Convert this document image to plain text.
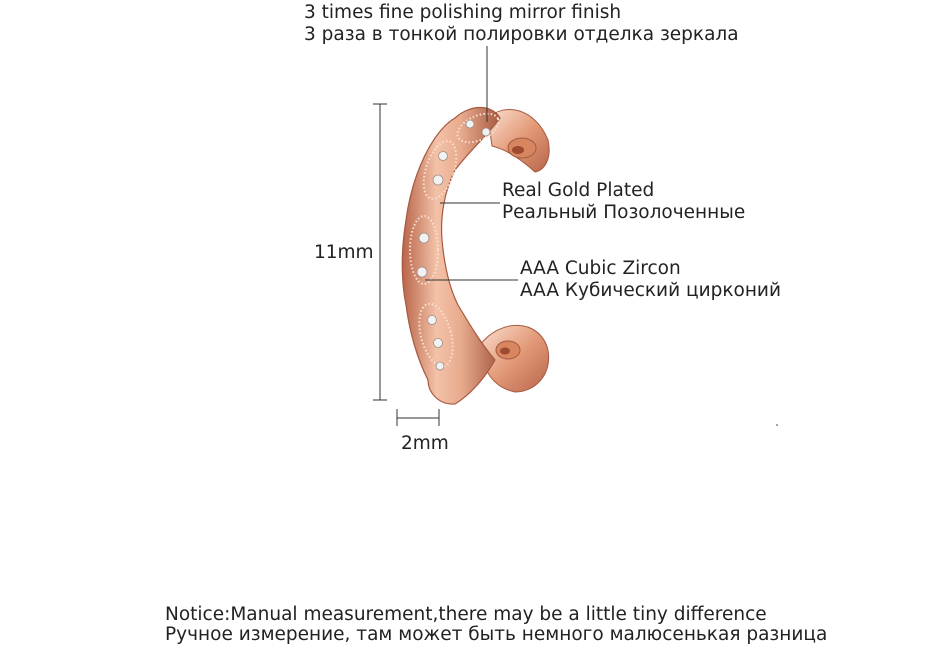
3 times fine polishing mirror finish
3 раза в тонкой полировки отделка зеркала
Real Gold Plated
Реальный Позолоченные
AAA Cubic Zircon
AAA Кубический цирконий
11mm
2mm
Notice:Manual measurement,there may be a little tiny difference
Ручное измерение, там может быть немного малюсенькая разница
